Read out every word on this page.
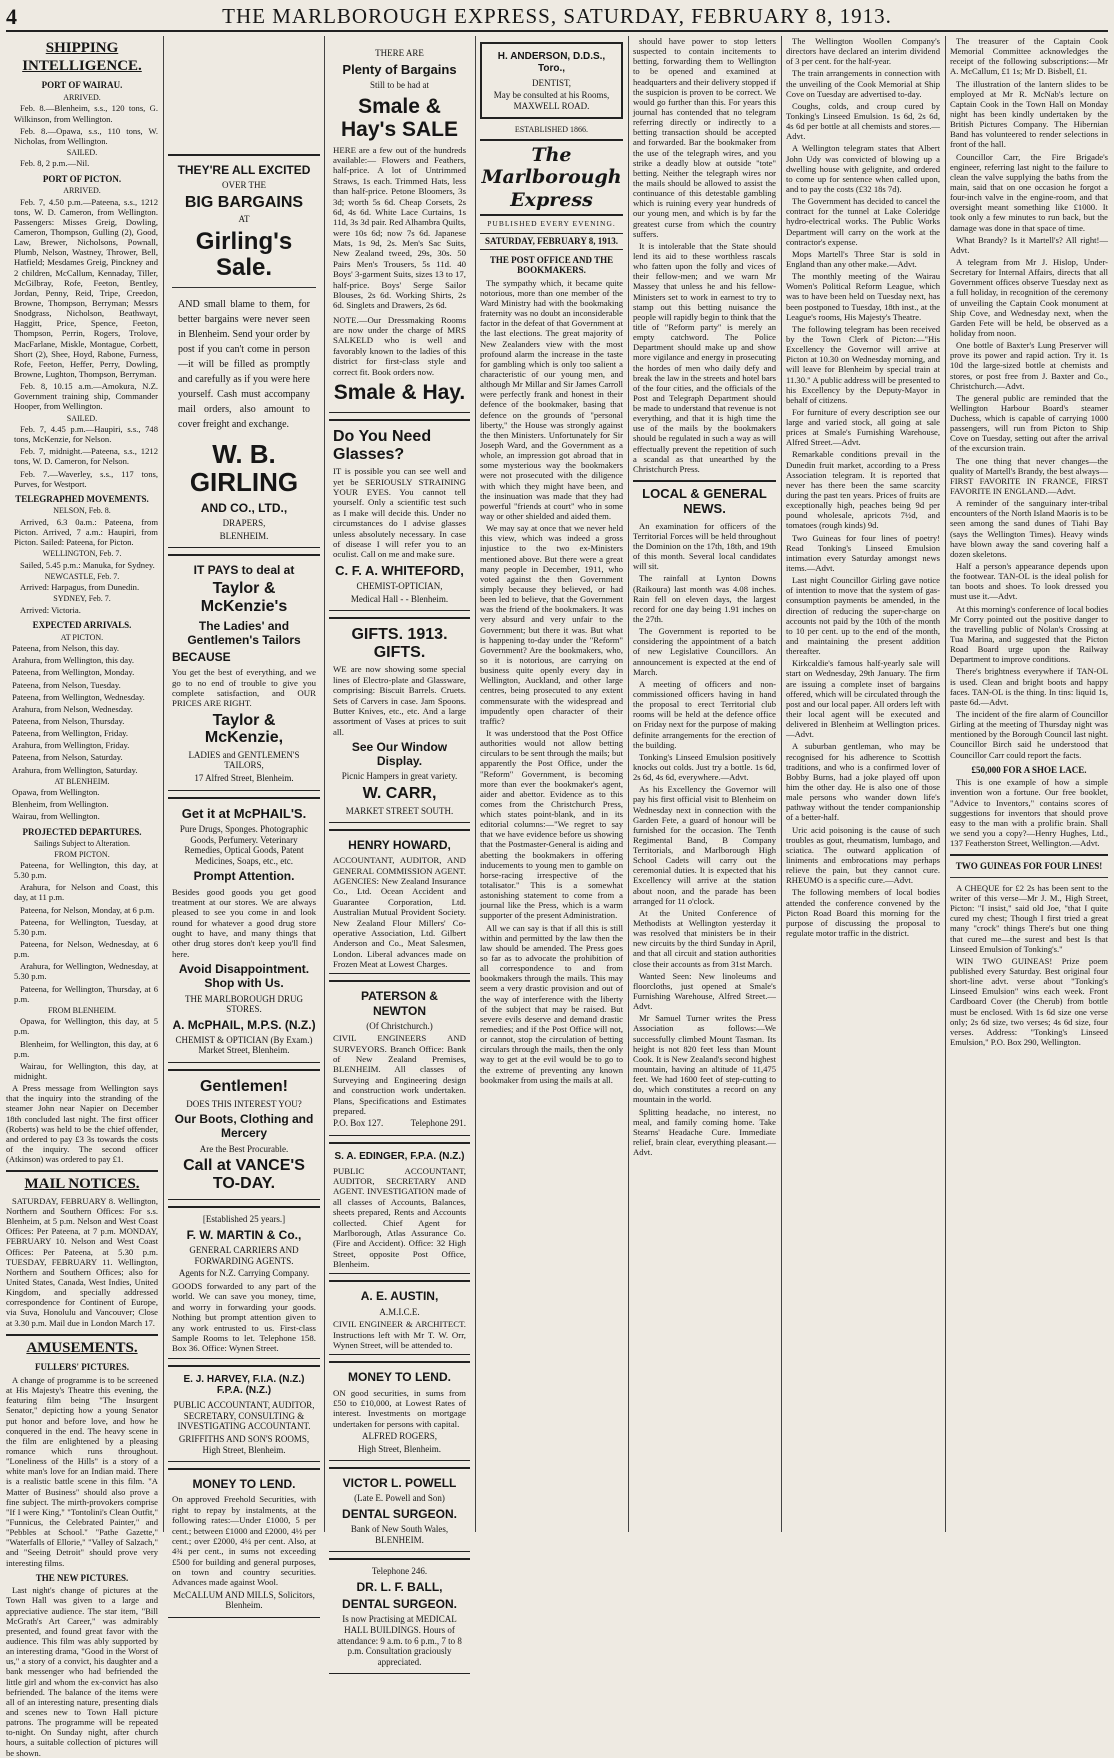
4	THE MARLBOROUGH EXPRESS, SATURDAY, FEBRUARY 8, 1913.
SHIPPING INTELLIGENCE.
PORT OF WAIRAU.
ARRIVED.

Feb. 8.—Blenheim, s.s., 120 tons, G. Wilkinson, from Wellington.

Feb. 8.—Opawa, s.s., 110 tons, W. Nicholas, from Wellington.

SAILED.

Feb. 8, 2 p.m.—Nil.

PORT OF PICTON.
ARRIVED.

Feb. 7, 4.50 p.m.—Pateena, s.s., 1212 tons, W. D. Cameron, from Wellington. Passengers: Misses Greig, Dowling, Cameron, Thompson, Gulling (2), Good, Law, Brewer, Nicholsons, Pownall, Plumb, Nelson, Wastney, Thrower, Bell, Hatfield; Mesdames Greig, Pinckney and 2 children, McCallum, Kennaday, Tiller, McGilbray, Rofe, Feeton, Bentley, Jordan, Penny, Reid, Tripe, Creedon, Browne, Thompson, Berryman; Messrs Snodgrass, Nicholson, Beathwayt, Haggitt, Price, Spence, Feeton, Thompson, Perrin, Rogers, Trolove, MacFarlane, Miskle, Montague, Corbett, Short (2), Shee, Hoyd, Rabone, Furness, Rofe, Feeton, Heffer, Perry, Dowling, Browne, Lughton, Thompson, Berryman.

Feb. 8, 10.15 a.m.—Amokura, N.Z. Government training ship, Commander Hooper, from Wellington.

SAILED.

Feb. 7, 4.45 p.m.—Haupiri, s.s., 748 tons, McKenzie, for Nelson.

Feb. 7, midnight.—Pateena, s.s., 1212 tons, W. D. Cameron, for Nelson.

Feb. 7.—Waverley, s.s., 117 tons, Purves, for Westport.

TELEGRAPHED MOVEMENTS.
NELSON, Feb. 8.

Arrived, 6.3 0a.m.: Pateena, from Picton. Arrived, 7 a.m.: Haupiri, from Picton. Sailed: Pateena, for Picton.

WELLINGTON, Feb. 7.

Sailed, 5.45 p.m.: Manuka, for Sydney.

NEWCASTLE, Feb. 7.

Arrived: Harpagus, from Dunedin.

SYDNEY, Feb. 7.

Arrived: Victoria.

EXPECTED ARRIVALS.
AT PICTON.

Pateena, from Nelson, this day.

Arahura, from Wellington, this day.

Pateena, from Wellington, Monday.

Pateena, from Nelson, Tuesday.

Pateena, from Wellington, Wednesday.

Arahura, from Nelson, Wednesday.

Pateena, from Nelson, Thursday.

Pateena, from Wellington, Friday.

Arahura, from Wellington, Friday.

Pateena, from Nelson, Saturday.

Arahura, from Wellington, Saturday.

AT BLENHEIM.

Opawa, from Wellington.

Blenheim, from Wellington.

Wairau, from Wellington.

PROJECTED DEPARTURES.
Sailings Subject to Alteration.
FROM PICTON.

Pateena, for Wellington, this day, at 5.30 p.m.

Arahura, for Nelson and Coast, this day, at 11 p.m.

Pateena, for Nelson, Monday, at 6 p.m.

Pateena, for Wellington, Tuesday, at 5.30 p.m.

Pateena, for Nelson, Wednesday, at 6 p.m.

Arahura, for Wellington, Wednesday, at 5.30 p.m.

Pateena, for Wellington, Thursday, at 6 p.m.

FROM BLENHEIM.

Opawa, for Wellington, this day, at 5 p.m.

Blenheim, for Wellington, this day, at 6 p.m.

Wairau, for Wellington, this day, at midnight.

A Press message from Wellington says that the inquiry into the stranding of the steamer John near Napier on December 18th concluded last night. The first officer (Roberts) was held to be the chief offender, and ordered to pay £3 3s towards the costs of the inquiry. The second officer (Atkinson) was ordered to pay £1.

MAIL NOTICES.

SATURDAY, FEBRUARY 8. Wellington, Northern and Southern Offices: For s.s. Blenheim, at 5 p.m. Nelson and West Coast Offices: Per Pateena, at 7 p.m. MONDAY, FEBRUARY 10. Nelson and West Coast Offices: Per Pateena, at 5.30 p.m. TUESDAY, FEBRUARY 11. Wellington, Northern and Southern Offices; also for United States, Canada, West Indies, United Kingdom, and specially addressed correspondence for Continent of Europe, via Suva, Honolulu and Vancouver; Close at 3.30 p.m. Mail due in London March 17.

AMUSEMENTS.
FULLERS' PICTURES.

A change of programme is to be screened at His Majesty's Theatre this evening, the featuring film being "The Insurgent Senator," depicting how a young Senator put honor and before love, and how he conquered in the end. The heavy scene in the film are enlightened by a pleasing romance which runs throughout. "Loneliness of the Hills" is a story of a white man's love for an Indian maid. There is a realistic battle scene in this film. "A Matter of Business" should also prove a fine subject. The mirth-provokers comprise "If I were King," "Tontolini's Clean Outfit," "Funnicus, the Celebrated Painter," and "Pebbles at School." "Pathe Gazette," "Waterfalls of Ellorie," "Valley of Salzach," and "Seeing Detroit" should prove very interesting films.

THE NEW PICTURES.

Last night's change of pictures at the Town Hall was given to a large and appreciative audience. The star item, "Bill McGrath's Art Career," was admirably presented, and found great favor with the audience. This film was ably supported by an interesting drama, "Good in the Worst of us," a story of a convict, his daughter and a bank messenger who had befriended the little girl and whom the ex-convict has also befriended. The balance of the items were all of an interesting nature, presenting dials and scenes new to Town Hall picture patrons. The programme will be repeated to-night. On Sunday night, after church hours, a suitable collection of pictures will be shown.

THEY'RE ALL EXCITED
OVER THE
BIG BARGAINS
AT
Girling's Sale.
AND small blame to them, for better bargains were never seen in Blenheim. Send your order by post if you can't come in person—it will be filled as promptly and carefully as if you were here yourself. Cash must accompany mail orders, also amount to cover freight and exchange.
W. B. GIRLING
AND CO., LTD.,
DRAPERS,
BLENHEIM.
IT PAYS to deal at
Taylor & McKenzie's
The Ladies' and Gentlemen's Tailors
BECAUSE
You get the best of everything, and we go to no end of trouble to give you complete satisfaction, and OUR PRICES ARE RIGHT.
Taylor & McKenzie,
LADIES and GENTLEMEN'S TAILORS,
17 Alfred Street, Blenheim.
Get it at McPHAIL'S.
Pure Drugs, Sponges. Photographic Goods, Perfumery. Veterinary Remedies, Optical Goods, Patent Medicines, Soaps, etc., etc.
Prompt Attention.
Besides good goods you get good treatment at our stores. We are always pleased to see you come in and look round for whatever a good drug store ought to have, and many things that other drug stores don't keep you'll find here.
Avoid Disappointment. Shop with Us.
THE MARLBOROUGH DRUG STORES.
A. McPHAIL, M.P.S. (N.Z.)
CHEMIST & OPTICIAN (By Exam.) Market Street, Blenheim.
Gentlemen!
DOES THIS INTEREST YOU?
Our Boots, Clothing and Mercery
Are the Best Procurable.
Call at VANCE'S TO-DAY.
[Established 25 years.]
F. W. MARTIN & Co.,
GENERAL CARRIERS AND FORWARDING AGENTS.
Agents for N.Z. Carrying Company.
GOODS forwarded to any part of the world. We can save you money, time, and worry in forwarding your goods. Nothing but prompt attention given to any work entrusted to us. First-class Sample Rooms to let. Telephone 158. Box 36. Office: Wynen Street.
E. J. HARVEY, F.I.A. (N.Z.) F.P.A. (N.Z.)
PUBLIC ACCOUNTANT, AUDITOR, SECRETARY, CONSULTING & INVESTIGATING ACCOUNTANT.
GRIFFITHS AND SON'S ROOMS, High Street, Blenheim.
MONEY TO LEND.
On approved Freehold Securities, with right to repay by instalments, at the following rates:—Under £1000, 5 per cent.; between £1000 and £2000, 4½ per cent.; over £2000, 4¼ per cent. Also, at 4¾ per cent., in sums not exceeding £500 for building and general purposes, on town and country securities. Advances made against Wool.
McCALLUM AND MILLS, Solicitors, Blenheim.
THERE ARE
Plenty of Bargains
Still to be had at
Smale & Hay's SALE
HERE are a few out of the hundreds available:— Flowers and Feathers, half-price. A lot of Untrimmed Straws, 1s each. Trimmed Hats, less than half-price. Petone Bloomers, 3s 3d; worth 5s 6d. Cheap Corsets, 2s 6d, 4s 6d. White Lace Curtains, 1s 11d, 3s 3d pair. Red Alhambra Quilts, were 10s 6d; now 7s 6d. Japanese Mats, 1s 9d, 2s. Men's Sac Suits, New Zealand tweed, 29s, 30s. 50 Pairs Men's Trousers, 5s 11d. 40 Boys' 3-garment Suits, sizes 13 to 17, half-price. Boys' Serge Sailor Blouses, 2s 6d. Working Shirts, 2s 6d. Singlets and Drawers, 2s 6d.
NOTE.—Our Dressmaking Rooms are now under the charge of MRS SALKELD who is well and favorably known to the ladies of this district for first-class style and correct fit. Book orders now.
Smale & Hay.
Do You Need Glasses?
IT is possible you can see well and yet be SERIOUSLY STRAINING YOUR EYES. You cannot tell yourself. Only a scientific test such as I make will decide this. Under no circumstances do I advise glasses unless absolutely necessary. In case of disease I will refer you to an oculist. Call on me and make sure.
C. F. A. WHITEFORD,
CHEMIST-OPTICIAN,
Medical Hall - - Blenheim.
GIFTS. 1913. GIFTS.
WE are now showing some special lines of Electro-plate and Glassware, comprising: Biscuit Barrels. Cruets. Sets of Carvers in case. Jam Spoons. Butter Knives, etc., etc. And a large assortment of Vases at prices to suit all.
See Our Window Display.
Picnic Hampers in great variety.
W. CARR,
MARKET STREET SOUTH.
HENRY HOWARD,
ACCOUNTANT, AUDITOR, AND GENERAL COMMISSION AGENT. AGENCIES: New Zealand Insurance Co., Ltd. Ocean Accident and Guarantee Corporation, Ltd. Australian Mutual Provident Society. New Zealand Flour Millers' Co-operative Association, Ltd. Gilbert Anderson and Co., Meat Salesmen, London. Liberal advances made on Frozen Meat at Lowest Charges.
PATERSON & NEWTON
(Of Christchurch.)
CIVIL ENGINEERS AND SURVEYORS. Branch Office: Bank of New Zealand Premises, BLENHEIM. All classes of Surveying and Engineering design and construction work undertaken. Plans, Specifications and Estimates prepared.
P.O. Box 127.	Telephone 291.
S. A. EDINGER, F.P.A. (N.Z.)
PUBLIC ACCOUNTANT, AUDITOR, SECRETARY AND AGENT. INVESTIGATION made of all classes of Accounts, Balances, sheets prepared, Rents and Accounts collected. Chief Agent for Marlborough, Atlas Assurance Co. (Fire and Accident). Office: 32 High Street, opposite Post Office, Blenheim.
A. E. AUSTIN,
A.M.I.C.E.
CIVIL ENGINEER & ARCHITECT. Instructions left with Mr T. W. Orr, Wynen Street, will be attended to.
MONEY TO LEND.
ON good securities, in sums from £50 to £10,000, at Lowest Rates of interest. Investments on mortgage undertaken for persons with capital.
ALFRED ROGERS,
High Street, Blenheim.
VICTOR L. POWELL
(Late E. Powell and Son)
DENTAL SURGEON.
Bank of New South Wales, BLENHEIM.
Telephone 246.
DR. L. F. BALL,
DENTAL SURGEON.
Is now Practising at MEDICAL HALL BUILDINGS. Hours of attendance: 9 a.m. to 6 p.m., 7 to 8 p.m. Consultation graciously appreciated.
H. ANDERSON, D.D.S., Toro.,
DENTIST,
May be consulted at his Rooms, MAXWELL ROAD.
ESTABLISHED 1866.
The Marlborough Express
PUBLISHED EVERY EVENING.
SATURDAY, FEBRUARY 8, 1913.
THE POST OFFICE AND THE BOOKMAKERS.

The sympathy which, it became quite notorious, more than one member of the Ward Ministry had with the bookmaking fraternity was no doubt an inconsiderable factor in the defeat of that Government at the last elections. The great majority of New Zealanders view with the most profound alarm the increase in the taste for gambling which is only too salient a characteristic of our young men, and although Mr Millar and Sir James Carroll were perfectly frank and honest in their defence of the bookmaker, basing that defence on the grounds of "personal liberty," the House was strongly against the then Ministers. Unfortunately for Sir Joseph Ward, and the Government as a whole, an impression got abroad that in some mysterious way the bookmakers were not prosecuted with the diligence with which they might have been, and the insinuation was made that they had powerful "friends at court" who in some way or other shielded and aided them.

We may say at once that we never held this view, which was indeed a gross injustice to the two ex-Ministers mentioned above. But there were a great many people in December, 1911, who voted against the then Government simply because they believed, or had been led to believe, that the Government was the friend of the bookmakers. It was very absurd and very unfair to the Government; but there it was. But what is happening to-day under the "Reform" Government? Are the bookmakers, who, so it is notorious, are carrying on business quite openly every day in Wellington, Auckland, and other large centres, being prosecuted to any extent commensurate with the widespread and impudently open character of their traffic?

It was understood that the Post Office authorities would not allow betting circulars to be sent through the mails; but apparently the Post Office, under the "Reform" Government, is becoming more than ever the bookmaker's agent, aider and abettor. Evidence as to this comes from the Christchurch Press, which states point-blank, and in its editorial columns:—"We regret to say that we have evidence before us showing that the Postmaster-General is aiding and abetting the bookmakers in offering inducements to young men to gamble on horse-racing irrespective of the totalisator." This is a somewhat astonishing statement to come from a journal like the Press, which is a warm supporter of the present Administration.

All we can say is that if all this is still within and permitted by the law then the law should be amended. The Press goes so far as to advocate the prohibition of all correspondence to and from bookmakers through the mails. This may seem a very drastic provision and out of the way of interference with the liberty of the subject that may be raised. But severe evils deserve and demand drastic remedies; and if the Post Office will not, or cannot, stop the circulation of betting circulars through the mails, then the only way to get at the evil would be to go to the extreme of preventing any known bookmaker from using the mails at all.

should have power to stop letters suspected to contain incitements to betting, forwarding them to Wellington to be opened and examined at headquarters and their delivery stopped if the suspicion is proven to be correct. We would go further than this. For years this journal has contended that no telegram referring directly or indirectly to a betting transaction should be accepted and forwarded. Bar the bookmaker from the use of the telegraph wires, and you strike a deadly blow at outside "tote" betting. Neither the telegraph wires nor the mails should be allowed to assist the continuance of this detestable gambling which is ruining every year hundreds of our young men, and which is by far the greatest curse from which the country suffers.

It is intolerable that the State should lend its aid to these worthless rascals who fatten upon the folly and vices of their fellow-men; and we warn Mr Massey that unless he and his fellow-Ministers set to work in earnest to try to stamp out this betting nuisance the people will rapidly begin to think that the title of "Reform party" is merely an empty catchword. The Police Department should make up and show more vigilance and energy in prosecuting the hordes of men who daily defy and break the law in the streets and hotel bars of the four cities, and the officials of the Post and Telegraph Department should be made to understand that revenue is not everything, and that it is high time the use of the mails by the bookmakers should be regulated in such a way as will effectually prevent the repetition of such a scandal as that unearthed by the Christchurch Press.

LOCAL & GENERAL NEWS.

An examination for officers of the Territorial Forces will be held throughout the Dominion on the 17th, 18th, and 19th of this month. Several local candidates will sit.

The rainfall at Lynton Downs (Raikoura) last month was 4.08 inches. Rain fell on eleven days, the largest record for one day being 1.91 inches on the 27th.

The Government is reported to be considering the appointment of a batch of new Legislative Councillors. An announcement is expected at the end of March.

A meeting of officers and non-commissioned officers having in hand the proposal to erect Territorial club rooms will be held at the defence office on Friday next for the purpose of making definite arrangements for the erection of the building.

Tonking's Linseed Emulsion positively knocks out colds. Just try a bottle. 1s 6d, 2s 6d, 4s 6d, everywhere.—Advt.

As his Excellency the Governor will pay his first official visit to Blenheim on Wednesday next in connection with the Garden Fete, a guard of honour will be furnished for the occasion. The Tenth Regimental Band, B Company Territorials, and Marlborough High School Cadets will carry out the ceremonial duties. It is expected that his Excellency will arrive at the station about noon, and the parade has been arranged for 11 o'clock.

At the United Conference of Methodists at Wellington yesterday it was resolved that ministers be in their new circuits by the third Sunday in April, and that all circuit and station authorities close their accounts as from 31st March.

Wanted Seen: New linoleums and floorcloths, just opened at Smale's Furnishing Warehouse, Alfred Street.—Advt.

Mr Samuel Turner writes the Press Association as follows:—We successfully climbed Mount Tasman. Its height is not 820 feet less than Mount Cook. It is New Zealand's second highest mountain, having an altitude of 11,475 feet. We had 1600 feet of step-cutting to do, which constitutes a record on any mountain in the world.

Splitting headache, no interest, no meal, and family coming home. Take Stearns' Headache Cure. Immediate relief, brain clear, everything pleasant.—Advt.

The Wellington Woollen Company's directors have declared an interim dividend of 3 per cent. for the half-year.

The train arrangements in connection with the unveiling of the Cook Memorial at Ship Cove on Tuesday are advertised to-day.

Coughs, colds, and croup cured by Tonking's Linseed Emulsion. 1s 6d, 2s 6d, 4s 6d per bottle at all chemists and stores.—Advt.

A Wellington telegram states that Albert John Udy was convicted of blowing up a dwelling house with gelignite, and ordered to come up for sentence when called upon, and to pay the costs (£32 18s 7d).

The Government has decided to cancel the contract for the tunnel at Lake Coleridge hydro-electrical works. The Public Works Department will carry on the work at the contractor's expense.

Mops Martell's Three Star is sold in England than any other make.—Advt.

The monthly meeting of the Wairau Women's Political Reform League, which was to have been held on Tuesday next, has been postponed to Tuesday, 18th inst., at the League's rooms, His Majesty's Theatre.

The following telegram has been received by the Town Clerk of Picton:—"His Excellency the Governor will arrive at Picton at 10.30 on Wednesday morning, and will leave for Blenheim by special train at 11.30." A public address will be presented to his Excellency by the Deputy-Mayor in behalf of citizens.

For furniture of every description see our large and varied stock, all going at sale prices at Smale's Furnishing Warehouse, Alfred Street.—Advt.

Remarkable conditions prevail in the Dunedin fruit market, according to a Press Association telegram. It is reported that never has there been the same scarcity during the past ten years. Prices of fruits are exceptionally high, peaches being 9d per pound wholesale, apricots 7½d, and tomatoes (rough kinds) 9d.

Two Guineas for four lines of poetry! Read Tonking's Linseed Emulsion intimation every Saturday amongst news items.—Advt.

Last night Councillor Girling gave notice of intention to move that the system of gas-consumption payments be amended, in the direction of reducing the super-charge on accounts not paid by the 10th of the month to 10 per cent. up to the end of the month, and maintaining the present addition thereafter.

Kirkcaldie's famous half-yearly sale will start on Wednesday, 29th January. The firm are issuing a complete inset of bargains offered, which will be circulated through the post and our local paper. All orders left with their local agent will be executed and delivered in Blenheim at Wellington prices.—Advt.

A suburban gentleman, who may be recognised for his adherence to Scottish traditions, and who is a confirmed lover of Bobby Burns, had a joke played off upon him the other day. He is also one of those male persons who wander down life's pathway without the tender companionship of a better-half.

Uric acid poisoning is the cause of such troubles as gout, rheumatism, lumbago, and sciatica. The outward application of liniments and embrocations may perhaps relieve the pain, but they cannot cure. RHEUMO is a specific cure.—Advt.

The following members of local bodies attended the conference convened by the Picton Road Board this morning for the purpose of discussing the proposal to regulate motor traffic in the district.

The treasurer of the Captain Cook Memorial Committee acknowledges the receipt of the following subscriptions:—Mr A. McCallum, £1 1s; Mr D. Bisbell, £1.

The illustration of the lantern slides to be employed at Mr R. McNab's lecture on Captain Cook in the Town Hall on Monday night has been kindly undertaken by the British Pictures Company. The Hibernian Band has volunteered to render selections in front of the hall.

Councillor Carr, the Fire Brigade's engineer, referring last night to the failure to clean the valve supplying the baths from the main, said that on one occasion he forgot a four-inch valve in the engine-room, and that oversight meant something like £1000. It took only a few minutes to run back, but the damage was done in that space of time.

What Brandy? Is it Martell's? All right!—Advt.

A telegram from Mr J. Hislop, Under-Secretary for Internal Affairs, directs that all Government offices observe Tuesday next as a full holiday, in recognition of the ceremony of unveiling the Captain Cook monument at Ship Cove, and Wednesday next, when the Garden Fete will be held, be observed as a holiday from noon.

One bottle of Baxter's Lung Preserver will prove its power and rapid action. Try it. 1s 10d the large-sized bottle at chemists and stores, or post free from J. Baxter and Co., Christchurch.—Advt.

The general public are reminded that the Wellington Harbour Board's steamer Duchess, which is capable of carrying 1000 passengers, will run from Picton to Ship Cove on Tuesday, setting out after the arrival of the excursion train.

The one thing that never changes—the quality of Martell's Brandy, the best always—FIRST FAVORITE IN FRANCE, FIRST FAVORITE IN ENGLAND.—Advt.

A reminder of the sanguinary inter-tribal encounters of the North Island Maoris is to be seen among the sand dunes of Tiahi Bay (says the Wellington Times). Heavy winds have blown away the sand covering half a dozen skeletons.

Half a person's appearance depends upon the footwear. TAN-OL is the ideal polish for tan boots and shoes. To look dressed you must use it.—Advt.

At this morning's conference of local bodies Mr Corry pointed out the positive danger to the travelling public of Nolan's Crossing at Tua Marina, and suggested that the Picton Road Board urge upon the Railway Department to improve conditions.

There's brightness everywhere if TAN-OL is used. Clean and bright boots and happy faces. TAN-OL is the thing. In tins: liquid 1s, paste 6d.—Advt.

The incident of the fire alarm of Councillor Girling at the meeting of Thursday night was mentioned by the Borough Council last night. Councillor Birch said he understood that Councillor Carr could report the facts.

£50,000 FOR A SHOE LACE.

This is one example of how a simple invention won a fortune. Our free booklet, "Advice to Inventors," contains scores of suggestions for inventors that should prove easy to the man with a prolific brain. Shall we send you a copy?—Henry Hughes, Ltd., 137 Featherston Street, Wellington.—Advt.

TWO GUINEAS FOR FOUR LINES!

A CHEQUE for £2 2s has been sent to the writer of this verse—Mr J. M., High Street, Picton: "I insist," said old Joe, "that I quite cured my chest; Though I first tried a great many "crock" things There's but one thing that cured me—the surest and best Is that Linseed Emulsion of Tonking's."

WIN TWO GUINEAS! Prize poem published every Saturday. Best original four short-line advt. verse about "Tonking's Linseed Emulsion" wins each week. Front Cardboard Cover (the Cherub) from bottle must be enclosed. With 1s 6d size one verse only; 2s 6d size, two verses; 4s 6d size, four verses. Address: "Tonking's Linseed Emulsion," P.O. Box 290, Wellington.
